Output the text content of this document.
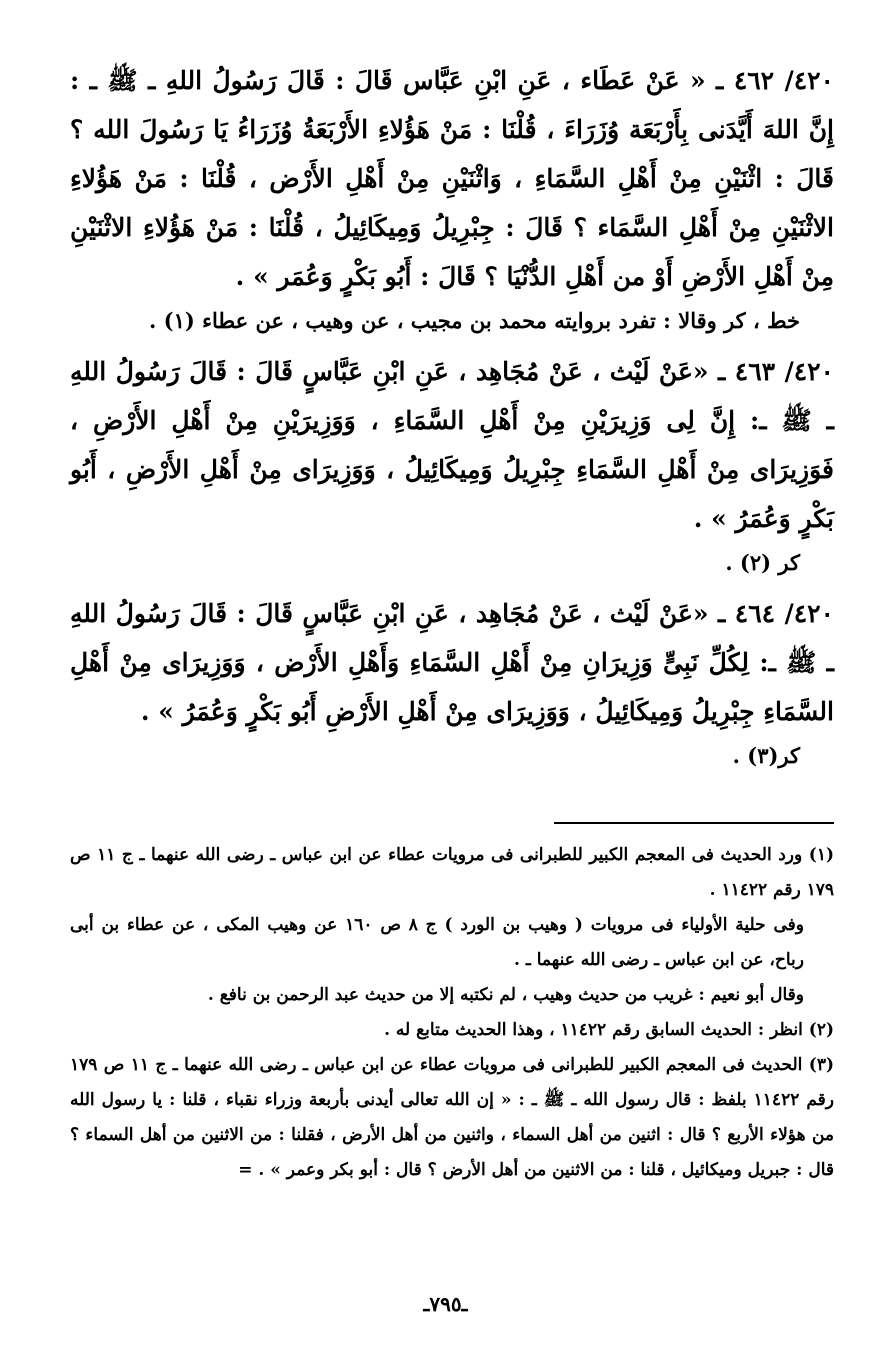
٤٢٠/ ٤٦٢ ـ « عَنْ عَطَاء ، عَنِ ابْنِ عَبَّاس قَالَ : قَالَ رَسُولُ اللهِ ـ ﷺ ـ : إِنَّ اللهَ أَيَّدَنى بِأَرْبَعَة وُزَرَاءَ ، قُلْنَا : مَنْ هَؤُلاءِ الأَرْبَعَةُ وُزَرَاءُ يَا رَسُولَ الله ؟ قَالَ : اثْنَيْنِ مِنْ أَهْلِ السَّمَاءِ ، وَاثْنَيْنِ مِنْ أَهْلِ الأَرْض ، قُلْنَا : مَنْ هَؤُلاءِ الاثْنَيْنِ مِنْ أَهْلِ السَّمَاء ؟ قَالَ : جِبْرِيلُ وَمِيكَائِيلُ ، قُلْنَا : مَنْ هَؤُلاءِ الاثْنَيْنِ مِنْ أَهْلِ الأَرْضِ أَوْ من أَهْلِ الدُّنْيَا ؟ قَالَ : أَبُو بَكْرٍ وَعُمَر » .

خط ، كر وقالا : تفرد بروايته محمد بن مجيب ، عن وهيب ، عن عطاء (١) .

٤٢٠/ ٤٦٣ ـ «عَنْ لَيْث ، عَنْ مُجَاهِد ، عَنِ ابْنِ عَبَّاسٍ قَالَ : قَالَ رَسُولُ اللهِ ـ ﷺ ـ: إِنَّ لِى وَزِيرَيْنِ مِنْ أَهْلِ السَّمَاءِ ، وَوَزِيرَيْنِ مِنْ أَهْلِ الأَرْضِ ، فَوَزِيرَاى مِنْ أَهْلِ السَّمَاءِ جِبْرِيلُ وَمِيكَائِيلُ ، وَوَزِيرَاى مِنْ أَهْلِ الأَرْضِ ، أَبُو بَكْرٍ وَعُمَرُ » .

كر (٢) .

٤٢٠/ ٤٦٤ ـ «عَنْ لَيْث ، عَنْ مُجَاهِد ، عَنِ ابْنِ عَبَّاسٍ قَالَ : قَالَ رَسُولُ اللهِ ـ ﷺ ـ: لِكُلِّ نَبِىٍّ وَزِيرَانِ مِنْ أَهْلِ السَّمَاءِ وَأَهْلِ الأَرْض ، وَوَزِيرَاى مِنْ أَهْلِ السَّمَاءِ جِبْرِيلُ وَمِيكَائِيلُ ، وَوَزِيرَاى مِنْ أَهْلِ الأَرْضِ أَبُو بَكْرٍ وَعُمَرُ » .

كر(٣) .

(١) ورد الحديث فى المعجم الكبير للطبرانى فى مرويات عطاء عن ابن عباس ـ رضى الله عنهما ـ ج ١١ ص ١٧٩ رقم ١١٤٢٢ .

وفى حلية الأولياء فى مرويات ( وهيب بن الورد ) ج ٨ ص ١٦٠ عن وهيب المكى ، عن عطاء بن أبى رباح، عن ابن عباس ـ رضى الله عنهما ـ .

وقال أبو نعيم : غريب من حديث وهيب ، لم نكتبه إلا من حديث عبد الرحمن بن نافع .

(٢) انظر : الحديث السابق رقم ١١٤٢٢ ، وهذا الحديث متابع له .

(٣) الحديث فى المعجم الكبير للطبرانى فى مرويات عطاء عن ابن عباس ـ رضى الله عنهما ـ ج ١١ ص ١٧٩ رقم ١١٤٢٢ بلفظ : قال رسول الله ـ ﷺ ـ : « إن الله تعالى أيدنى بأربعة وزراء نقباء ، قلنا : يا رسول الله من هؤلاء الأربع ؟ قال : اثنين من أهل السماء ، واثنين من أهل الأرض ، فقلنا : من الاثنين من أهل السماء ؟ قال : جبريل وميكائيل ، قلنا : من الاثنين من أهل الأرض ؟ قال : أبو بكر وعمر » . =

ـ٧٩٥ـ
